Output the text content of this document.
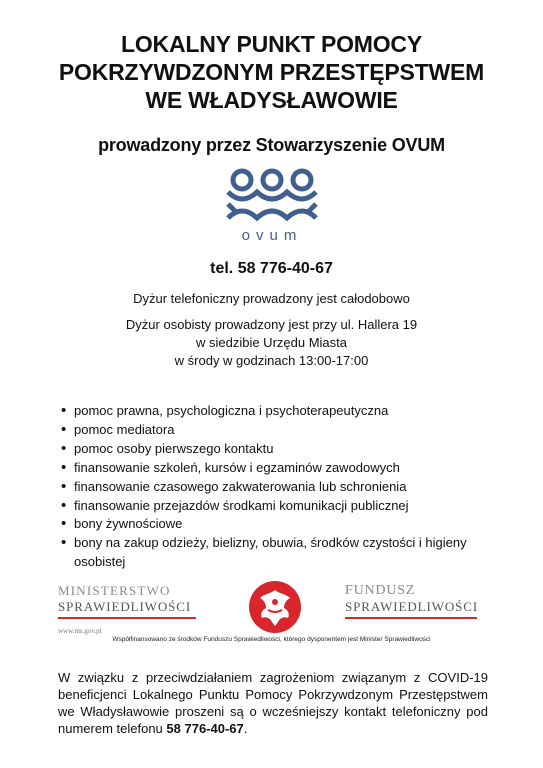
LOKALNY PUNKT POMOCY
POKRZYWDZONYM PRZESTĘPSTWEM
WE WŁADYSŁAWOWIE
prowadzony przez Stowarzyszenie OVUM
ovum
tel. 58 776-40-67
Dyżur telefoniczny prowadzony jest całodobowo
Dyżur osobisty prowadzony jest przy ul. Hallera 19
w siedzibie Urzędu Miasta
w środy w godzinach 13:00-17:00
• pomoc prawna, psychologiczna i psychoterapeutyczna
• pomoc mediatora
• pomoc osoby pierwszego kontaktu
• finansowanie szkoleń, kursów i egzaminów zawodowych
• finansowanie czasowego zakwaterowania lub schronienia
• finansowanie przejazdów środkami komunikacji publicznej
• bony żywnościowe
• bony na zakup odzieży, bielizny, obuwia, środków czystości i higieny osobistej
MINISTERSTWO
SPRAWIEDLIWOŚCI
www.ms.gov.pl
FUNDUSZ
SPRAWIEDLIWOŚCI
Współfinansowano ze środków Funduszu Sprawiedliwości, którego dysponentem jest Minister Sprawiedliwości
W związku z przeciwdziałaniem zagrożeniom związanym z COVID-19 beneficjenci Lokalnego Punktu Pomocy Pokrzywdzonym Przestępstwem we Władysławowie proszeni są o wcześniejszy kontakt telefoniczny pod numerem telefonu 58 776-40-67.
